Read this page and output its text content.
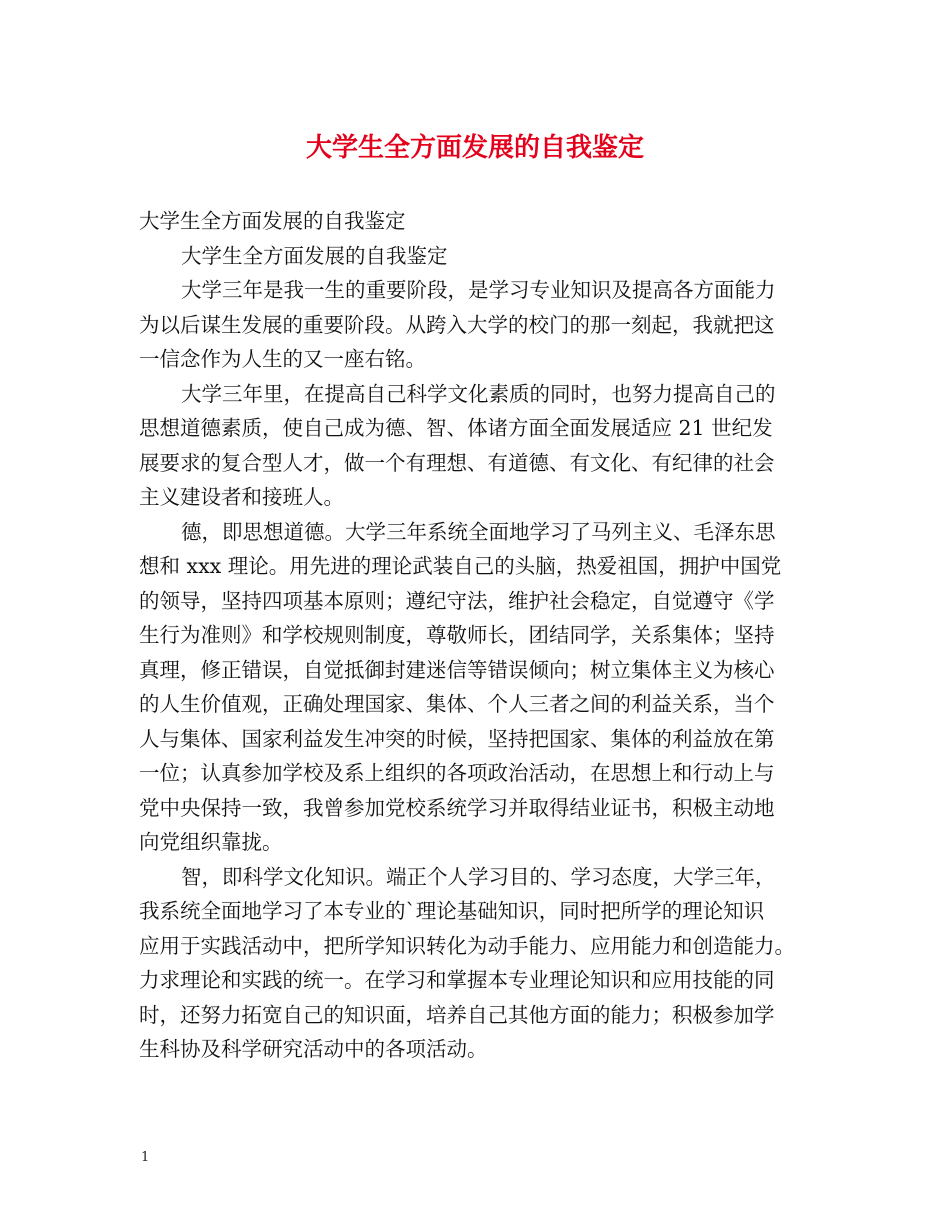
大学生全方面发展的自我鉴定
大学生全方面发展的自我鉴定
大学生全方面发展的自我鉴定
大学三年是我一生的重要阶段，是学习专业知识及提高各方面能力
为以后谋生发展的重要阶段。从跨入大学的校门的那一刻起，我就把这
一信念作为人生的又一座右铭。
大学三年里，在提高自己科学文化素质的同时，也努力提高自己的
思想道德素质，使自己成为德、智、体诸方面全面发展适应 21 世纪发
展要求的复合型人才，做一个有理想、有道德、有文化、有纪律的社会
主义建设者和接班人。
德，即思想道德。大学三年系统全面地学习了马列主义、毛泽东思
想和 xxx 理论。用先进的理论武装自己的头脑，热爱祖国，拥护中国党
的领导，坚持四项基本原则；遵纪守法，维护社会稳定，自觉遵守《学
生行为准则》和学校规则制度，尊敬师长，团结同学，关系集体；坚持
真理，修正错误，自觉抵御封建迷信等错误倾向；树立集体主义为核心
的人生价值观，正确处理国家、集体、个人三者之间的利益关系，当个
人与集体、国家利益发生冲突的时候，坚持把国家、集体的利益放在第
一位；认真参加学校及系上组织的各项政治活动，在思想上和行动上与
党中央保持一致，我曾参加党校系统学习并取得结业证书，积极主动地
向党组织靠拢。
智，即科学文化知识。端正个人学习目的、学习态度，大学三年，
我系统全面地学习了本专业的`理论基础知识，同时把所学的理论知识
应用于实践活动中，把所学知识转化为动手能力、应用能力和创造能力。
力求理论和实践的统一。在学习和掌握本专业理论知识和应用技能的同
时，还努力拓宽自己的知识面，培养自己其他方面的能力；积极参加学
生科协及科学研究活动中的各项活动。
1
